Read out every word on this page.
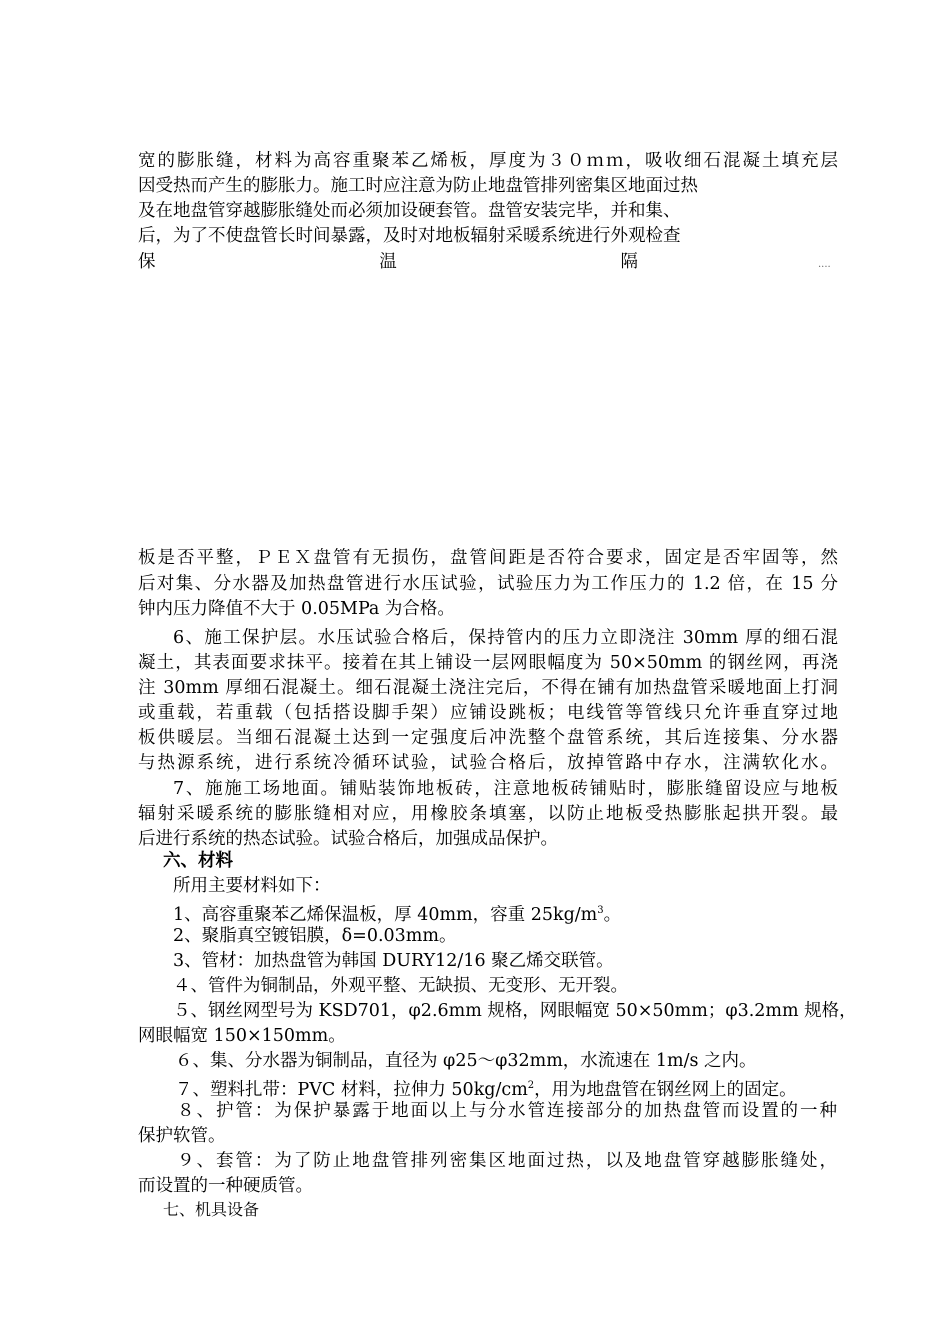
宽的膨胀缝，材料为高容重聚苯乙烯板，厚度为３０ｍｍ，吸收细石混凝土填充层

因受热而产生的膨胀力。施工时应注意为防止地盘管排列密集区地面过热

及在地盘管穿越膨胀缝处而必须加设硬套管。盘管安装完毕，并和集、

后，为了不使盘管长时间暴露，及时对地板辐射采暖系统进行外观检查

保	温	隔	....

板是否平整，ＰＥＸ盘管有无损伤，盘管间距是否符合要求，固定是否牢固等，然

后对集、分水器及加热盘管进行水压试验，试验压力为工作压力的 1.2 倍，在 15 分

钟内压力降值不大于 0.05MPa 为合格。

6、施工保护层。水压试验合格后，保持管内的压力立即浇注 30mm 厚的细石混

凝土，其表面要求抹平。接着在其上铺设一层网眼幅度为 50×50mm 的钢丝网，再浇

注 30mm 厚细石混凝土。细石混凝土浇注完后，不得在铺有加热盘管采暖地面上打洞

或重载，若重载（包括搭设脚手架）应铺设跳板；电线管等管线只允许垂直穿过地

板供暖层。当细石混凝土达到一定强度后冲洗整个盘管系统，其后连接集、分水器

与热源系统，进行系统冷循环试验，试验合格后，放掉管路中存水，注满软化水。

7、施施工场地面。铺贴装饰地板砖，注意地板砖铺贴时，膨胀缝留设应与地板

辐射采暖系统的膨胀缝相对应，用橡胶条填塞，以防止地板受热膨胀起拱开裂。最

后进行系统的热态试验。试验合格后，加强成品保护。

六、材料

所用主要材料如下：

1、高容重聚苯乙烯保温板，厚 40mm，容重 $25kg/m^3$。

2、聚脂真空镀铝膜，δ=0.03mm。

3、管材：加热盘管为韩国 DURY12/16 聚乙烯交联管。

４、管件为铜制品，外观平整、无缺损、无变形、无开裂。

５、钢丝网型号为 KSD701，φ2.6mm 规格，网眼幅宽 50×50mm；φ3.2mm 规格，

网眼幅宽 150×150mm。

６、集、分水器为铜制品，直径为 φ25～φ32mm，水流速在 1m/s 之内。

７、塑料扎带：PVC 材料，拉伸力 $50kg/cm^2$，用为地盘管在钢丝网上的固定。

８、护管：为保护暴露于地面以上与分水管连接部分的加热盘管而设置的一种

保护软管。

９、套管：为了防止地盘管排列密集区地面过热，以及地盘管穿越膨胀缝处，

而设置的一种硬质管。

七、机具设备
